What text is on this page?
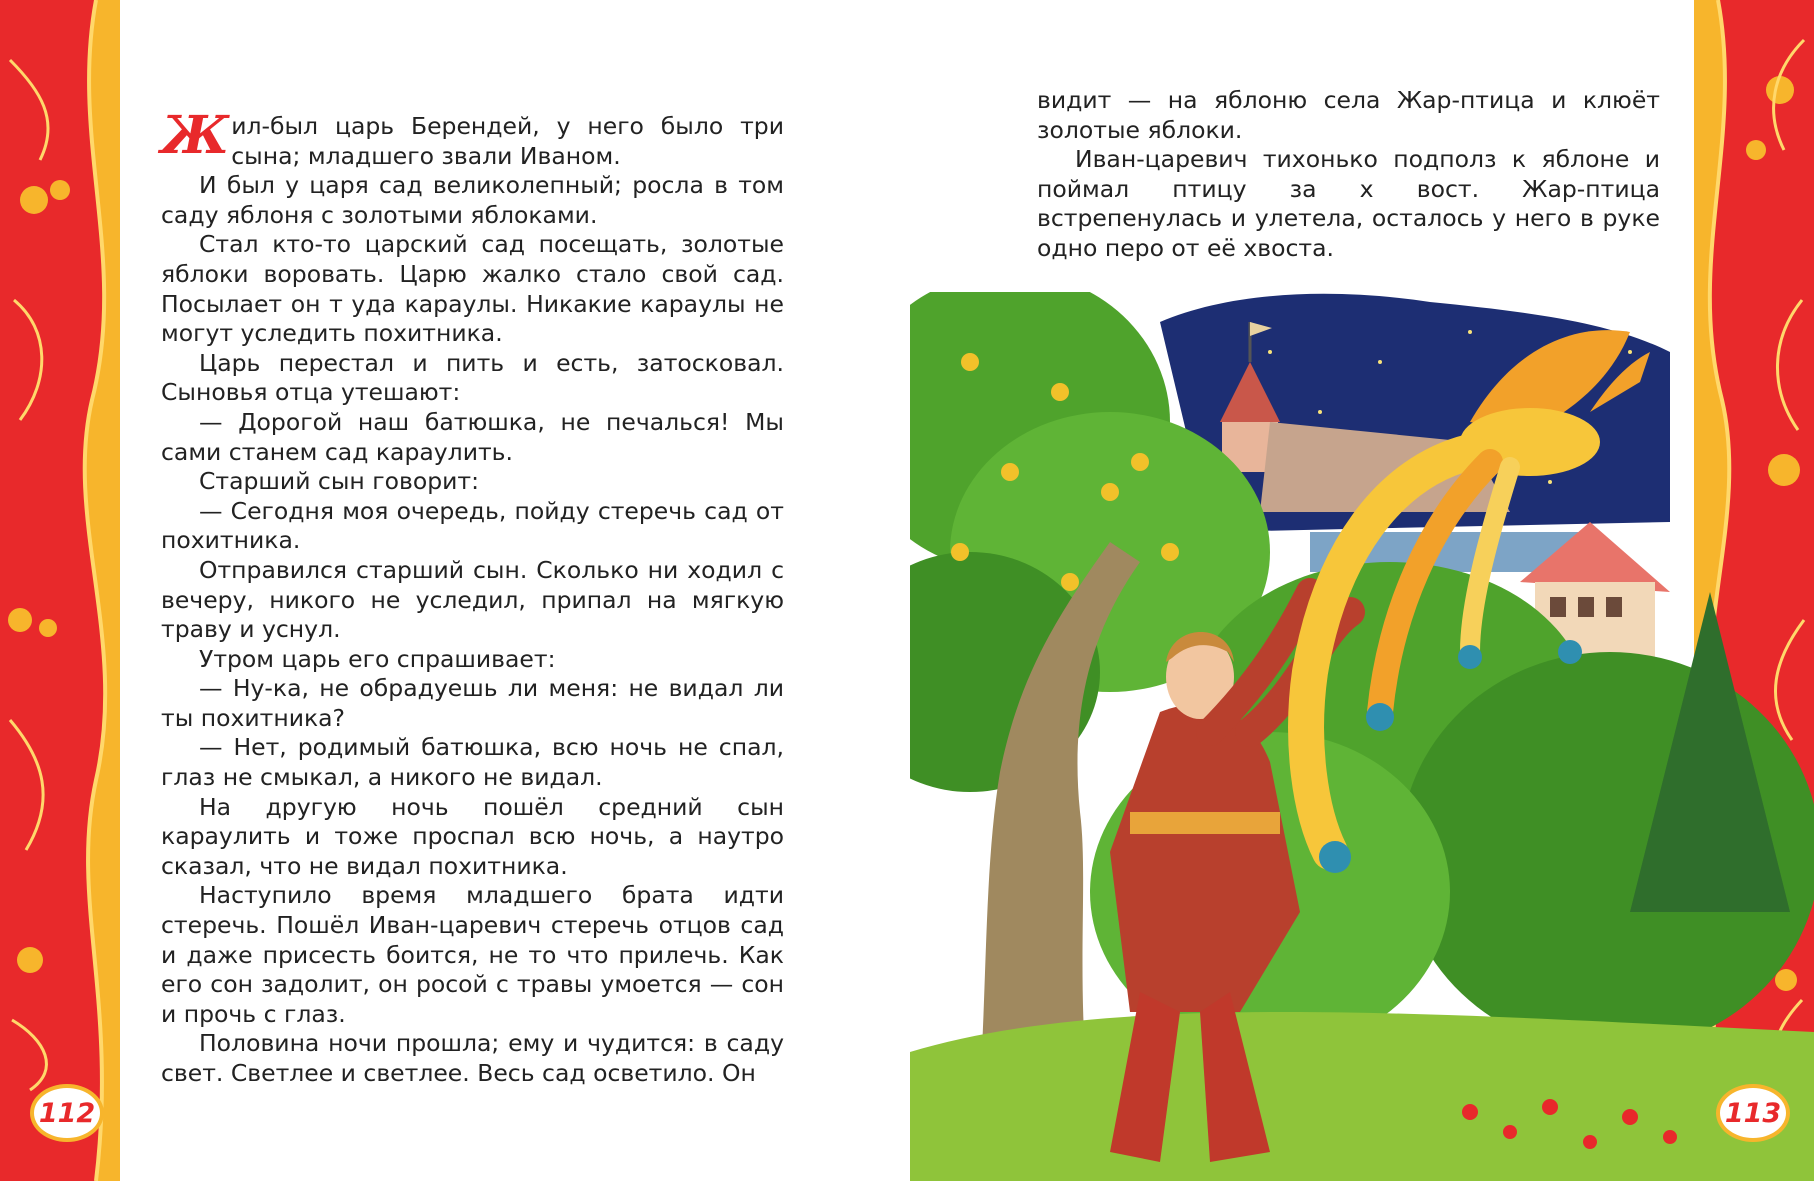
Жил-был царь Берендей, у него было три сына; младшего звали Иваном.

И был у царя сад великолепный; росла в том саду яблоня с золотыми яблоками.

Стал кто-то царский сад посещать, золотые яблоки воровать. Царю жалко стало свой сад. Посылает он т уда караулы. Никакие караулы не могут уследить похитника.

Царь перестал и пить и есть, затосковал. Сыновья отца утешают:

— Дорогой наш батюшка, не печалься! Мы сами станем сад караулить.

Старший сын говорит:

— Сегодня моя очередь, пойду стеречь сад от похитника.

Отправился старший сын. Сколько ни ходил с вечеру, никого не уследил, припал на мягкую траву и уснул.

Утром царь его спрашивает:

— Ну-ка, не обрадуешь ли меня: не видал ли ты похитника?

— Нет, родимый батюшка, всю ночь не спал, глаз не смыкал, а никого не видал.

На другую ночь пошёл средний сын караулить и тоже проспал всю ночь, а наутро сказал, что не видал похитника.

Наступило время младшего брата идти стеречь. Пошёл Иван-царевич стеречь отцов сад и даже присесть боится, не то что прилечь. Как его сон задолит, он росой с травы умоется — сон и прочь с глаз.

Половина ночи прошла; ему и чудится: в саду свет. Светлее и светлее. Весь сад осветило. Он

видит — на яблоню села Жар-птица и клюёт золотые яблоки.

Иван-царевич тихонько подполз к яблоне и поймал птицу за х вост. Жар-птица встрепенулась и улетела, осталось у него в руке одно перо от её хвоста.

112	113
